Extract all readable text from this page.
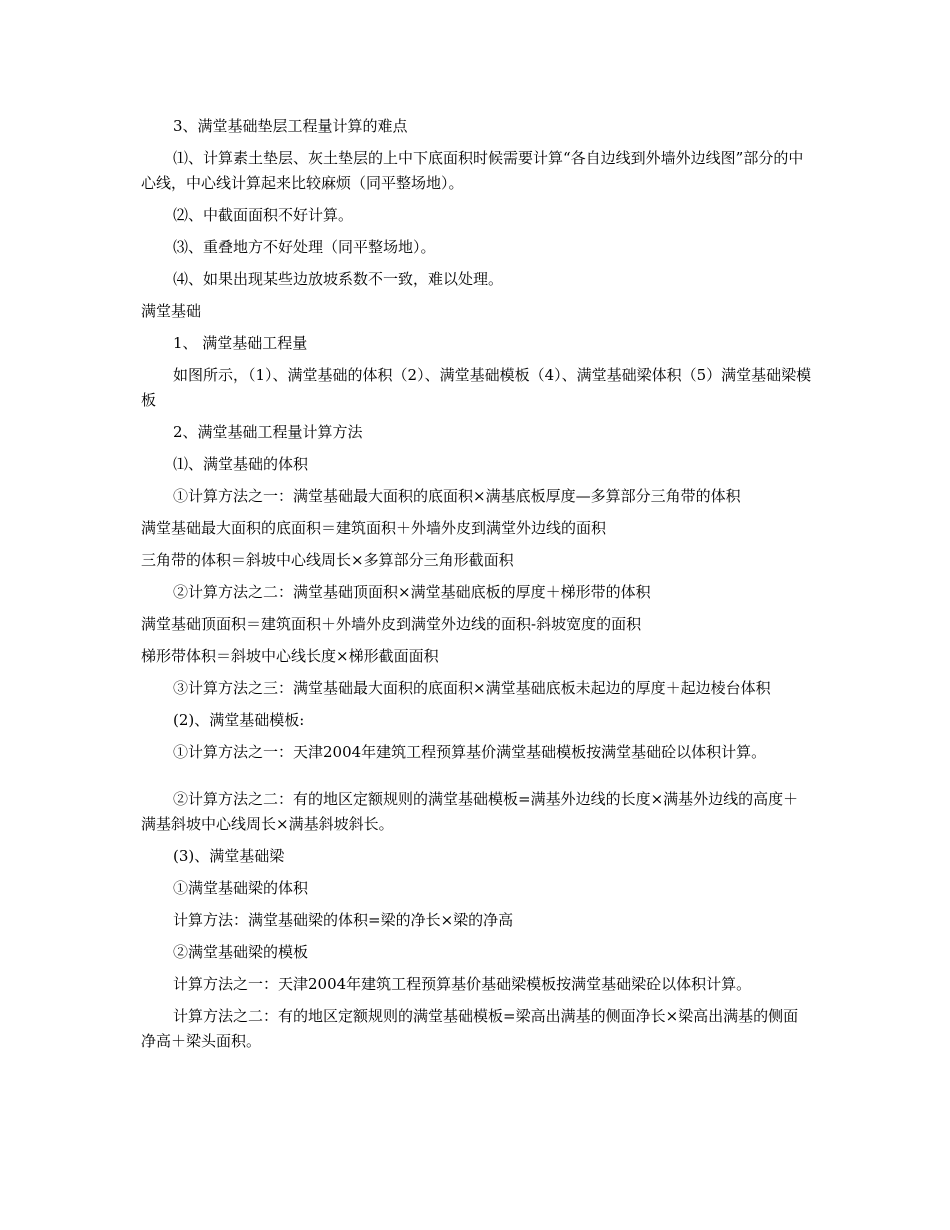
3、满堂基础垫层工程量计算的难点

⑴、计算素土垫层、灰土垫层的上中下底面积时候需要计算“各自边线到外墙外边线图”部分的中心线，中心线计算起来比较麻烦（同平整场地）。

⑵、中截面面积不好计算。

⑶、重叠地方不好处理（同平整场地）。

⑷、如果出现某些边放坡系数不一致，难以处理。

满堂基础

1、 满堂基础工程量

如图所示，（1）、满堂基础的体积（2）、满堂基础模板（4）、满堂基础梁体积（5）满堂基础梁模板

2、满堂基础工程量计算方法

⑴、满堂基础的体积

①计算方法之一：满堂基础最大面积的底面积×满基底板厚度—多算部分三角带的体积

满堂基础最大面积的底面积＝建筑面积＋外墙外皮到满堂外边线的面积

三角带的体积＝斜坡中心线周长×多算部分三角形截面积

②计算方法之二：满堂基础顶面积×满堂基础底板的厚度＋梯形带的体积

满堂基础顶面积＝建筑面积＋外墙外皮到满堂外边线的面积-斜坡宽度的面积

梯形带体积＝斜坡中心线长度×梯形截面面积

③计算方法之三：满堂基础最大面积的底面积×满堂基础底板未起边的厚度＋起边棱台体积

(2)、满堂基础模板:

①计算方法之一：天津2004年建筑工程预算基价满堂基础模板按满堂基础砼以体积计算。

②计算方法之二：有的地区定额规则的满堂基础模板=满基外边线的长度×满基外边线的高度＋满基斜坡中心线周长×满基斜坡斜长。

(3)、满堂基础梁

①满堂基础梁的体积

计算方法：满堂基础梁的体积=梁的净长×梁的净高

②满堂基础梁的模板

计算方法之一：天津2004年建筑工程预算基价基础梁模板按满堂基础梁砼以体积计算。

计算方法之二：有的地区定额规则的满堂基础模板=梁高出满基的侧面净长×梁高出满基的侧面净高＋梁头面积。
